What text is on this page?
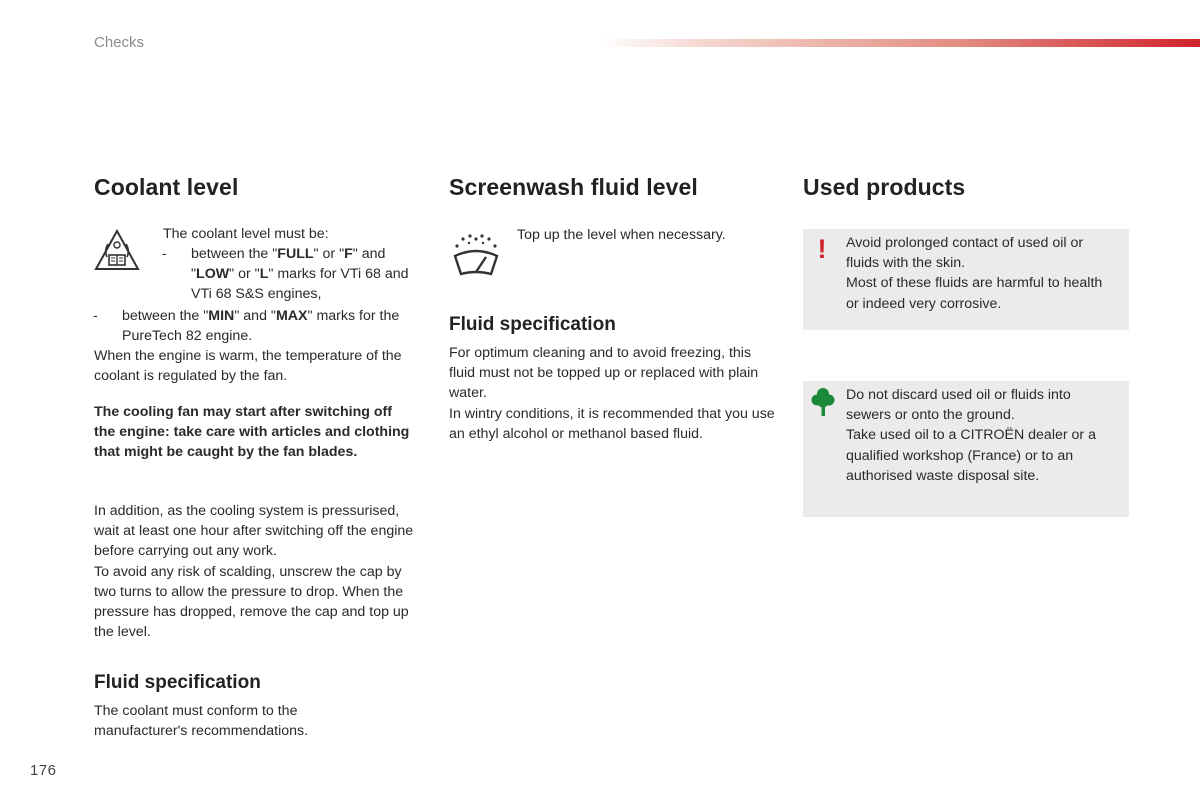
Checks
Coolant level

The coolant level must be:

- between the "FULL" or "F" and "LOW" or "L" marks for VTi 68 and VTi 68 S&S engines,
- between the "MIN" and "MAX" marks for the PureTech 82 engine.

When the engine is warm, the temperature of the coolant is regulated by the fan.

The cooling fan may start after switching off the engine: take care with articles and clothing that might be caught by the fan blades.

In addition, as the cooling system is pressurised, wait at least one hour after switching off the engine before carrying out any work.

To avoid any risk of scalding, unscrew the cap by two turns to allow the pressure to drop. When the pressure has dropped, remove the cap and top up the level.

Fluid specification

The coolant must conform to the manufacturer's recommendations.

Screenwash fluid level

Top up the level when necessary.

Fluid specification

For optimum cleaning and to avoid freezing, this fluid must not be topped up or replaced with plain water.

In wintry conditions, it is recommended that you use an ethyl alcohol or methanol based fluid.

Used products
!	Avoid prolonged contact of used oil or fluids with the skin.

Most of these fluids are harmful to health or indeed very corrosive.

Do not discard used oil or fluids into sewers or onto the ground.

Take used oil to a CITROËN dealer or a qualified workshop (France) or to an authorised waste disposal site.

176
